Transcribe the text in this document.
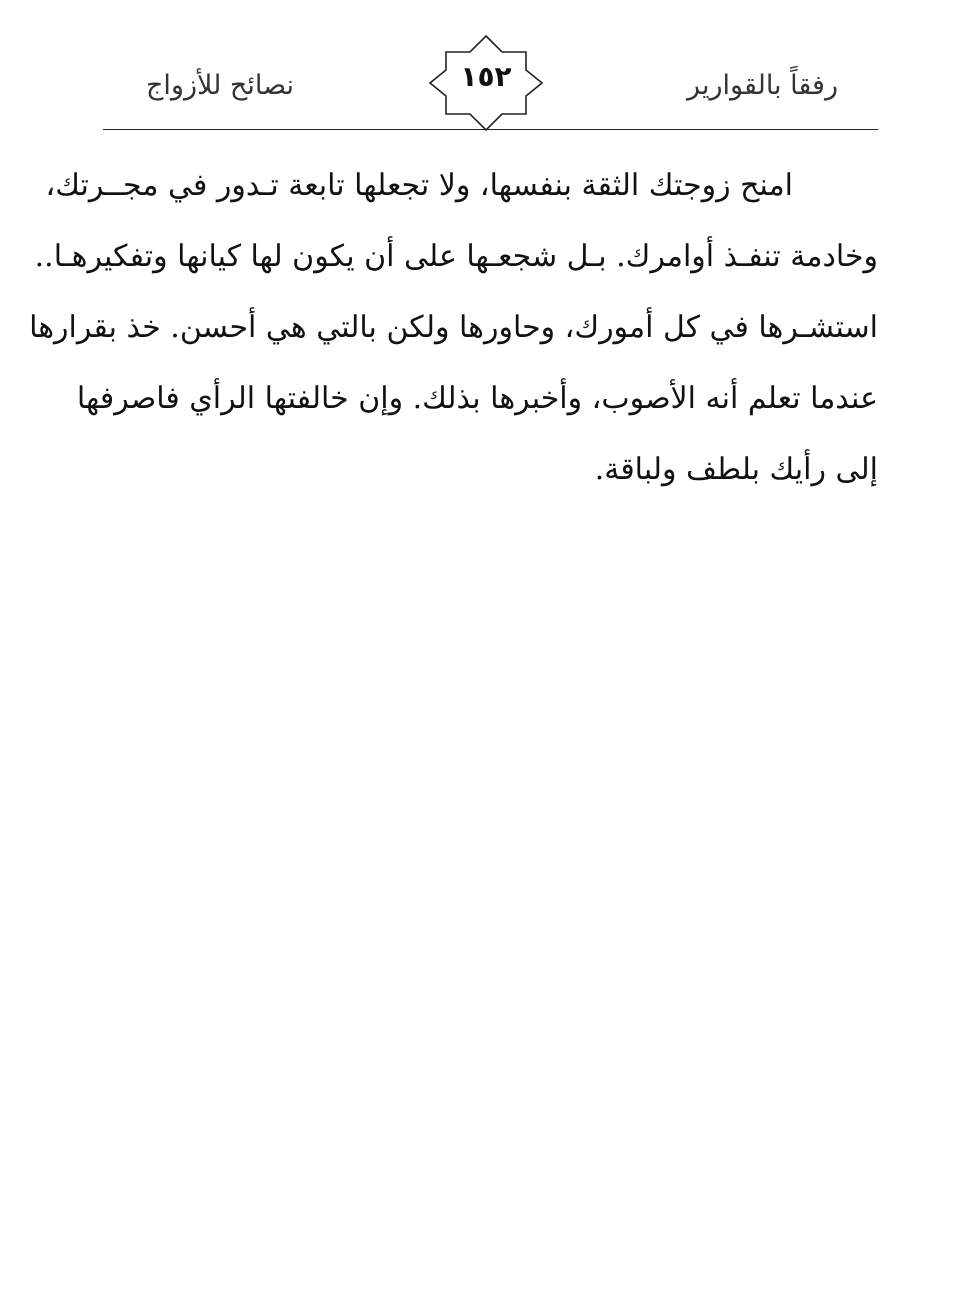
رفقاً بالقوارير
١٥٢
نصائح للأزواج
امنح زوجتك الثقة بنفسها، ولا تجعلها تابعة تـدور في مجــرتك،
وخادمة تنفـذ أوامرك. بـل شجعـها على أن يكون لها كيانها وتفكيرهـا..
استشـرها في كل أمورك، وحاورها ولكن بالتي هي أحسن. خذ بقرارها
عندما تعلم أنه الأصوب، وأخبرها بذلك. وإن خالفتها الرأي فاصرفها
إلى رأيك بلطف ولباقة.
